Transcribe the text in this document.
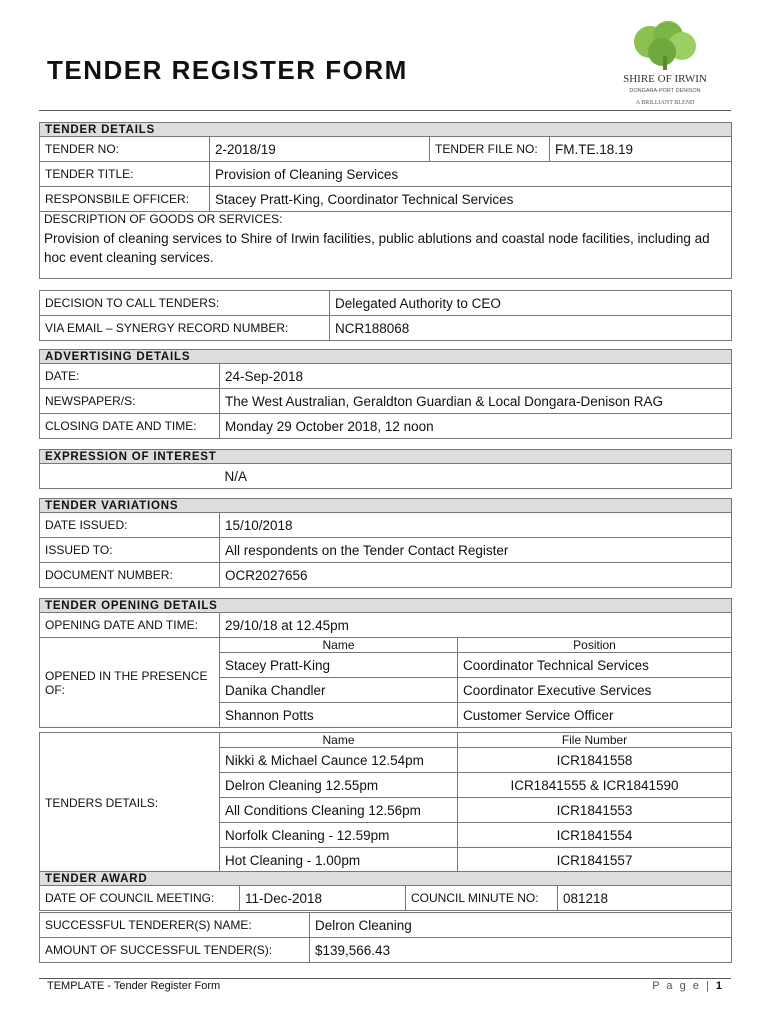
TENDER REGISTER FORM	SHIRE OF IRWIN
DONGARA-PORT DENISON
A BRILLIANT BLEND
TENDER DETAILS			
TENDER NO:	2-2018/19	TENDER FILE NO:	FM.TE.18.19
TENDER TITLE:	Provision of Cleaning Services		
RESPONSBILE OFFICER:	Stacey Pratt-King, Coordinator Technical Services		

DESCRIPTION OF GOODS OR SERVICES:
Provision of cleaning services to Shire of Irwin facilities, public ablutions and coastal node facilities, including ad hoc event cleaning services.			
DECISION TO CALL TENDERS:	Delegated Authority to CEO
VIA EMAIL – SYNERGY RECORD NUMBER:	NCR188068
ADVERTISING DETAILS	
DATE:	24-Sep-2018
NEWSPAPER/S:	The West Australian, Geraldton Guardian & Local Dongara-Denison RAG
CLOSING DATE AND TIME:	Monday 29 October 2018, 12 noon
EXPRESSION OF INTEREST
	N/A
TENDER VARIATIONS	
DATE ISSUED:	15/10/2018
ISSUED TO:	All respondents on the Tender Contact Register
DOCUMENT NUMBER:	OCR2027656
TENDER OPENING DETAILS		
OPENING DATE AND TIME:	29/10/18 at 12.45pm	
OPENED IN THE PRESENCE OF:	Name	Position
	Stacey Pratt-King	Coordinator Technical Services
	Danika Chandler	Coordinator Executive Services
	Shannon Potts	Customer Service Officer
TENDERS DETAILS:	Name	File Number
	Nikki & Michael Caunce 12.54pm	ICR1841558
	Delron Cleaning 12.55pm	ICR1841555 & ICR1841590
	All Conditions Cleaning 12.56pm	ICR1841553
	Norfolk Cleaning - 12.59pm	ICR1841554
	Hot Cleaning - 1.00pm	ICR1841557
TENDER AWARD
DATE OF COUNCIL MEETING:	11-Dec-2018	COUNCIL MINUTE NO:	081218
SUCCESSFUL TENDERER(S) NAME:	Delron Cleaning
AMOUNT OF SUCCESSFUL TENDER(S):	$139,566.43
TEMPLATE - Tender Register Form	P a g e | 1
